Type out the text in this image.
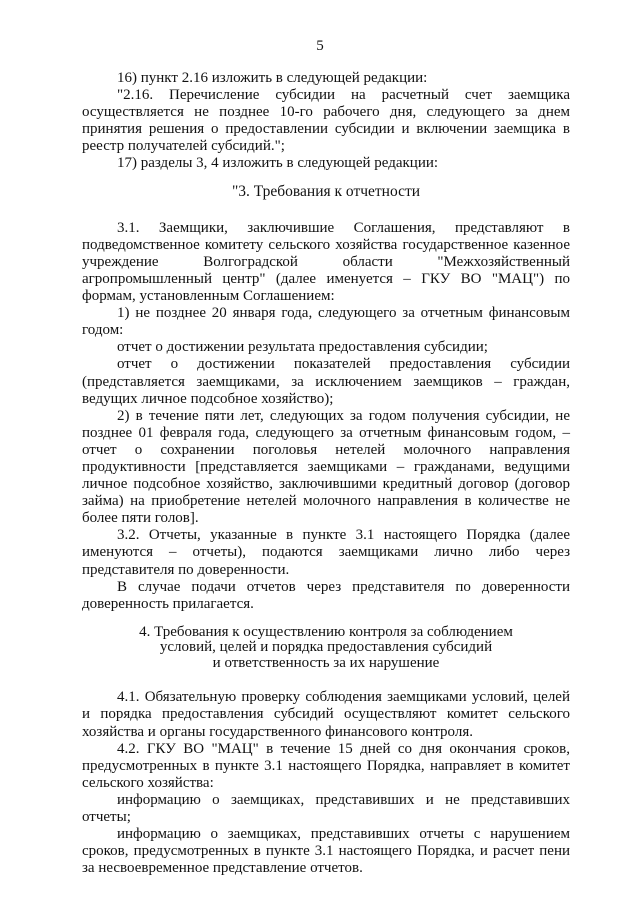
5

16) пункт 2.16 изложить в следующей редакции:

"2.16. Перечисление субсидии на расчетный счет заемщика осуществляется не позднее 10-го рабочего дня, следующего за днем принятия решения о предоставлении субсидии и включении заемщика в реестр получателей субсидий.";

17) разделы 3, 4 изложить в следующей редакции:

"3. Требования к отчетности

3.1. Заемщики, заключившие Соглашения, представляют в подведомственное комитету сельского хозяйства государственное казенное учреждение Волгоградской области "Межхозяйственный агропромышленный центр" (далее именуется – ГКУ ВО "МАЦ") по формам, установленным Соглашением:

1) не позднее 20 января года, следующего за отчетным финансовым годом:

отчет о достижении результата предоставления субсидии;

отчет о достижении показателей предоставления субсидии (представляется заемщиками, за исключением заемщиков – граждан, ведущих личное подсобное хозяйство);

2) в течение пяти лет, следующих за годом получения субсидии, не позднее 01 февраля года, следующего за отчетным финансовым годом, – отчет о сохранении поголовья нетелей молочного направления продуктивности [представляется заемщиками – гражданами, ведущими личное подсобное хозяйство, заключившими кредитный договор (договор займа) на приобретение нетелей молочного направления в количестве не более пяти голов].

3.2. Отчеты, указанные в пункте 3.1 настоящего Порядка (далее именуются – отчеты), подаются заемщиками лично либо через представителя по доверенности.

В случае подачи отчетов через представителя по доверенности доверенность прилагается.

4. Требования к осуществлению контроля за соблюдением
условий, целей и порядка предоставления субсидий
и ответственность за их нарушение

4.1. Обязательную проверку соблюдения заемщиками условий, целей и порядка предоставления субсидий осуществляют комитет сельского хозяйства и органы государственного финансового контроля.

4.2. ГКУ ВО "МАЦ" в течение 15 дней со дня окончания сроков, предусмотренных в пункте 3.1 настоящего Порядка, направляет в комитет сельского хозяйства:

информацию о заемщиках, представивших и не представивших отчеты;

информацию о заемщиках, представивших отчеты с нарушением сроков, предусмотренных в пункте 3.1 настоящего Порядка, и расчет пени за несвоевременное представление отчетов.
